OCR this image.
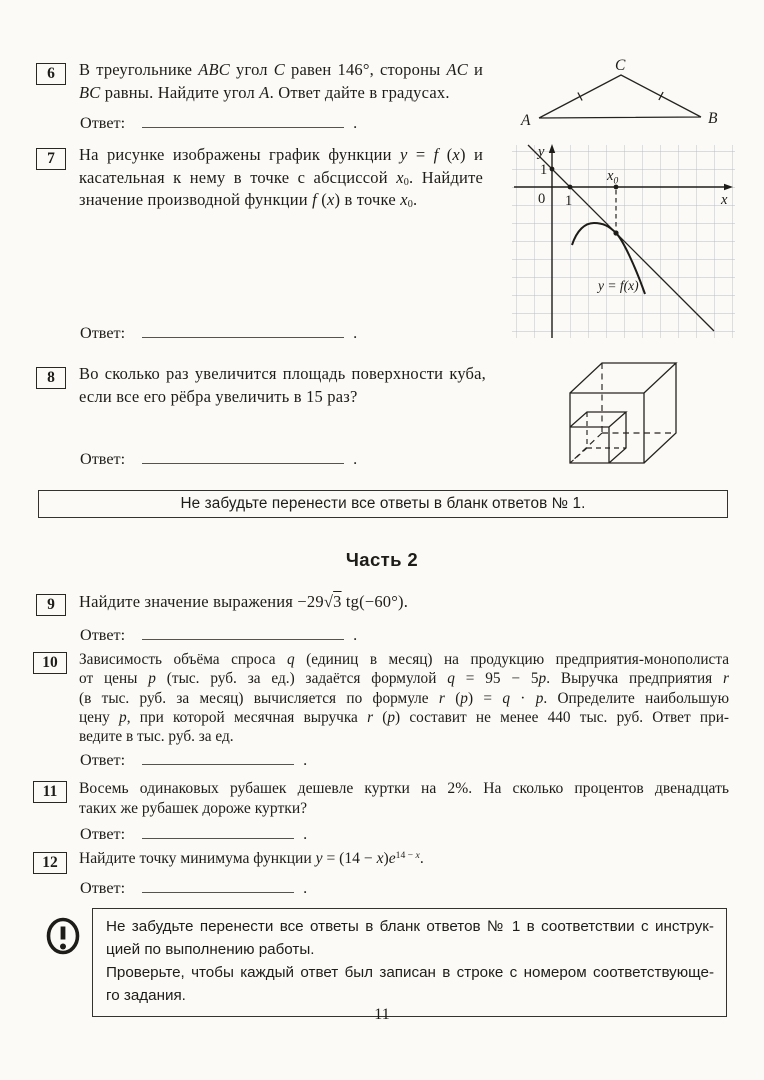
6	В треугольнике ABC угол C равен 146°, стороны AC и
BC равны. Найдите угол A. Ответ дайте в градусах.
Ответ:	.	A	B
C
7	На рисунке изображены график функции y = f (x) и
касательная к нему в точке с абсциссой $x_0$. Найдите
значение производной функции f (x) в точке $x_0$.
Ответ:	.
y
x
0 1
1	$x_0$
y = f(x)
8	Во сколько раз увеличится площадь поверхности куба,
если все его рёбра увеличить в 15 раз?
Ответ:	.
Не забудьте перенести все ответы в бланк ответов № 1.
Часть 2
9	Найдите значение выражения −29√3 tg(−60°).
Ответ:	.
10	Зависимость объёма спроса q (единиц в месяц) на продукцию предприятия-монополиста
от цены p (тыс. руб. за ед.) задаётся формулой q = 95 − 5p. Выручка предприятия r
(в тыс. руб. за месяц) вычисляется по формуле r (p) = q · p. Определите наибольшую
цену p, при которой месячная выручка r (p) составит не менее 440 тыс. руб. Ответ при-
ведите в тыс. руб. за ед.
Ответ:	.
11	Восемь одинаковых рубашек дешевле куртки на 2%. На сколько процентов двенадцать
таких же рубашек дороже куртки?
Ответ:	.
12	Найдите точку минимума функции $y = (14 - x)e^{14 -}$ $^x$.
Ответ:	.
Не забудьте перенести все ответы в бланк ответов № 1 в соответствии с инструк-
цией по выполнению работы.
Проверьте, чтобы каждый ответ был записан в строке с номером соответствующе-
го задания.
11
